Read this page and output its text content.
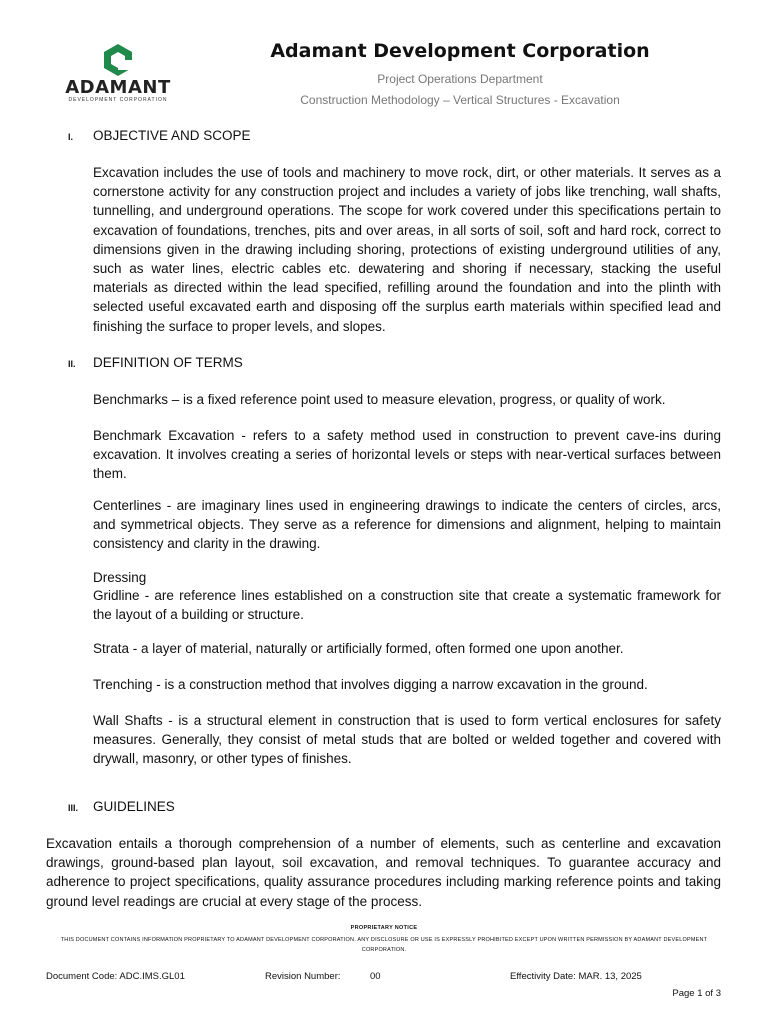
ADAMANT
DEVELOPMENT CORPORATION
Adamant Development Corporation
Project Operations Department
Construction Methodology – Vertical Structures - Excavation
I. OBJECTIVE AND SCOPE
Excavation includes the use of tools and machinery to move rock, dirt, or other materials. It serves as a cornerstone activity for any construction project and includes a variety of jobs like trenching, wall shafts, tunnelling, and underground operations. The scope for work covered under this specifications pertain to excavation of foundations, trenches, pits and over areas, in all sorts of soil, soft and hard rock, correct to dimensions given in the drawing including shoring, protections of existing underground utilities of any, such as water lines, electric cables etc. dewatering and shoring if necessary, stacking the useful materials as directed within the lead specified, refilling around the foundation and into the plinth with selected useful excavated earth and disposing off the surplus earth materials within specified lead and finishing the surface to proper levels, and slopes.
II. DEFINITION OF TERMS
Benchmarks – is a fixed reference point used to measure elevation, progress, or quality of work.
Benchmark Excavation - refers to a safety method used in construction to prevent cave-ins during excavation. It involves creating a series of horizontal levels or steps with near-vertical surfaces between them.
Centerlines - are imaginary lines used in engineering drawings to indicate the centers of circles, arcs, and symmetrical objects. They serve as a reference for dimensions and alignment, helping to maintain consistency and clarity in the drawing.
Dressing
Gridline - are reference lines established on a construction site that create a systematic framework for the layout of a building or structure.
Strata - a layer of material, naturally or artificially formed, often formed one upon another.
Trenching - is a construction method that involves digging a narrow excavation in the ground.
Wall Shafts - is a structural element in construction that is used to form vertical enclosures for safety measures. Generally, they consist of metal studs that are bolted or welded together and covered with drywall, masonry, or other types of finishes.
III. GUIDELINES
Excavation entails a thorough comprehension of a number of elements, such as centerline and excavation drawings, ground-based plan layout, soil excavation, and removal techniques. To guarantee accuracy and adherence to project specifications, quality assurance procedures including marking reference points and taking ground level readings are crucial at every stage of the process.
PROPRIETARY NOTICE
THIS DOCUMENT CONTAINS INFORMATION PROPRIETARY TO ADAMANT DEVELOPMENT CORPORATION. ANY DISCLOSURE OR USE IS EXPRESSLY PROHIBITED EXCEPT UPON WRITTEN PERMISSION BY ADAMANT DEVELOPMENT CORPORATION.
Document Code: ADC.IMS.GL01	Revision Number:	00	Effectivity Date: MAR. 13, 2025
Page 1 of 3
